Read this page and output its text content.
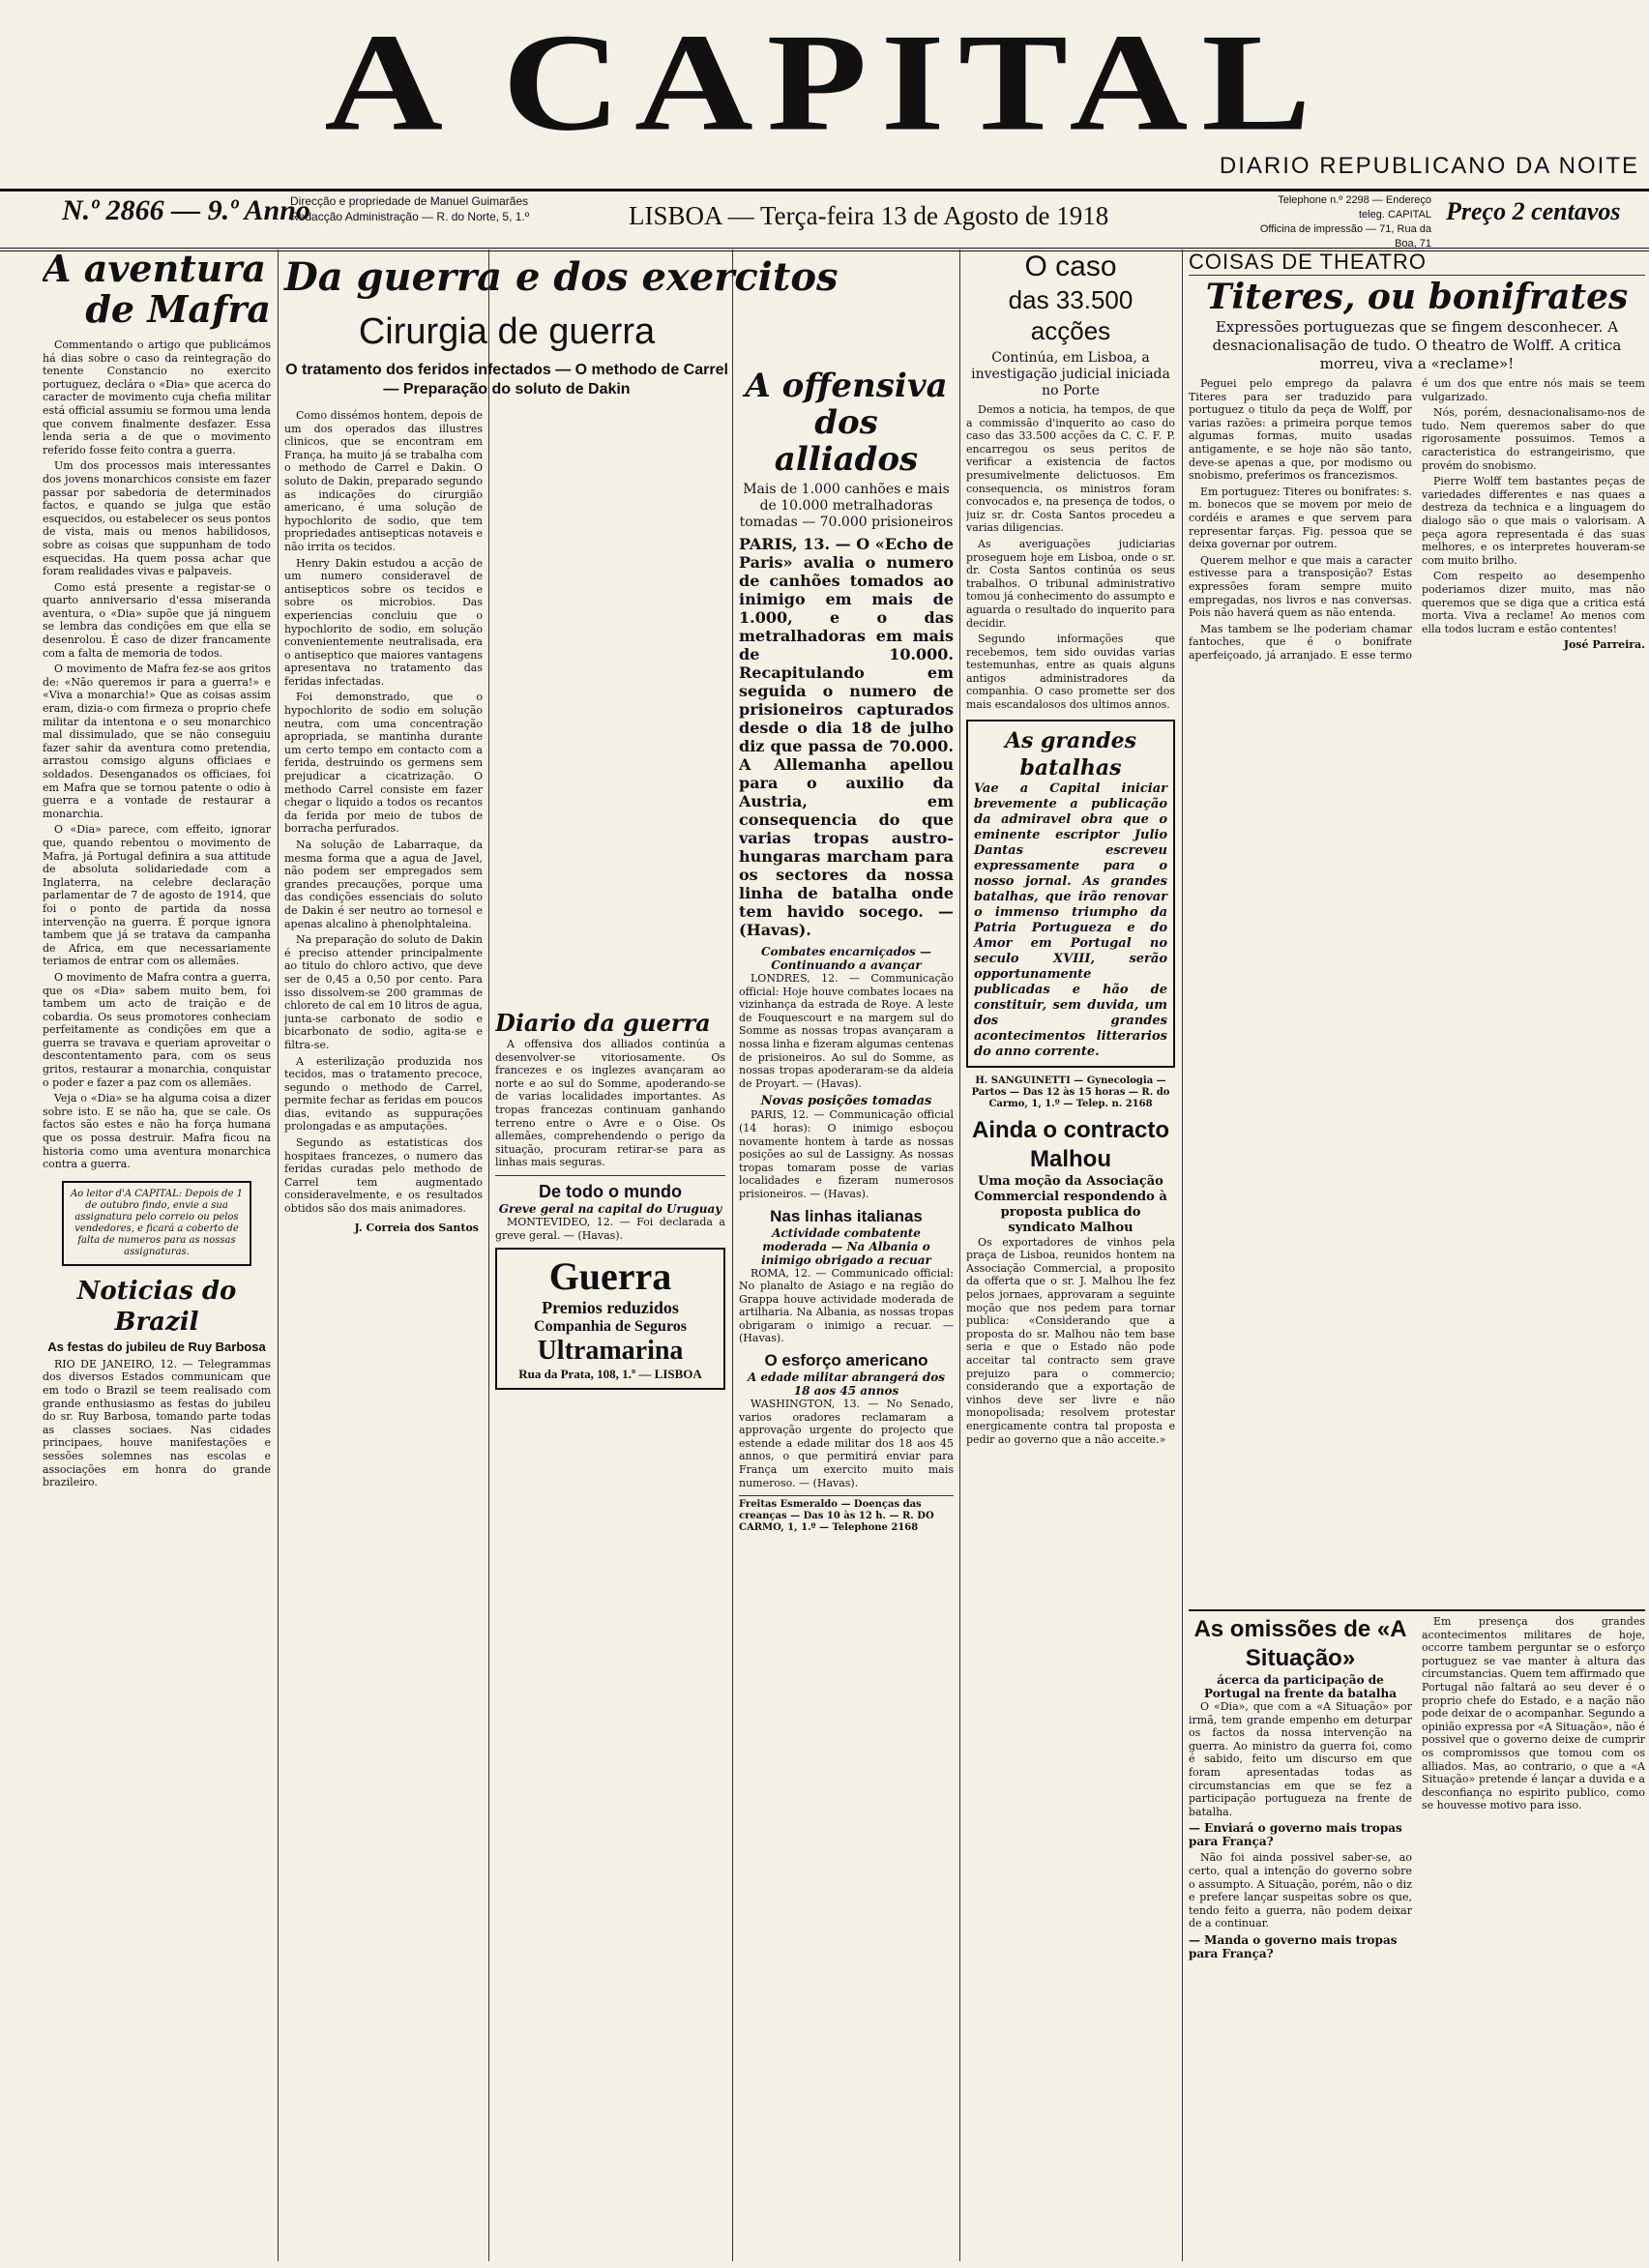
A CAPITAL
DIARIO REPUBLICANO DA NOITE
N.º 2866 — 9.º Anno
Direcção e propriedade de Manuel Guimarães
Redacção Administração — R. do Norte, 5, 1.º	LISBOA — Terça-feira 13 de Agosto de 1918
Telephone n.º 2298 — Endereço teleg. CAPITAL
Officina de impressão — 71, Rua da Boa, 71
Preço 2 centavos
A aventura
de Mafra

Commentando o artigo que publicámos há dias sobre o caso da reintegração do tenente Constancio no exercito portuguez, declára o «Dia» que acerca do caracter de movimento cuja chefia militar está official assumiu se formou uma lenda que convem finalmente desfazer. Essa lenda seria a de que o movimento referido fosse feito contra a guerra.

Um dos processos mais interessantes dos jovens monarchicos consiste em fazer passar por sabedoria de determinados factos, e quando se julga que estão esquecidos, ou estabelecer os seus pontos de vista, mais ou menos habilidosos, sobre as coisas que suppunham de todo esquecidas. Ha quem possa achar que foram realidades vivas e palpaveis.

Como está presente a registar-se o quarto anniversario d'essa miseranda aventura, o «Dia» supõe que já ninguem se lembra das condições em que ella se desenrolou. É caso de dizer francamente com a falta de memoria de todos.

O movimento de Mafra fez-se aos gritos de: «Não queremos ir para a guerra!» e «Viva a monarchia!» Que as coisas assim eram, dizia-o com firmeza o proprio chefe militar da intentona e o seu monarchico mal dissimulado, que se não conseguiu fazer sahir da aventura como pretendia, arrastou comsigo alguns officiaes e soldados. Desenganados os officiaes, foi em Mafra que se tornou patente o odio à guerra e a vontade de restaurar a monarchia.

O «Dia» parece, com effeito, ignorar que, quando rebentou o movimento de Mafra, já Portugal definira a sua attitude de absoluta solidariedade com a Inglaterra, na celebre declaração parlamentar de 7 de agosto de 1914, que foi o ponto de partida da nossa intervenção na guerra. É porque ignora tambem que já se tratava da campanha de Africa, em que necessariamente teriamos de entrar com os allemães.

O movimento de Mafra contra a guerra, que os «Dia» sabem muito bem, foi tambem um acto de traição e de cobardia. Os seus promotores conheciam perfeitamente as condições em que a guerra se travava e queriam aproveitar o descontentamento para, com os seus gritos, restaurar a monarchia, conquistar o poder e fazer a paz com os allemães.

Veja o «Dia» se ha alguma coisa a dizer sobre isto. E se não ha, que se cale. Os factos são estes e não ha força humana que os possa destruir. Mafra ficou na historia como uma aventura monarchica contra a guerra.

Ao leitor d'A CAPITAL: Depois de 1 de outubro findo, envie a sua assignatura pelo correio ou pelos vendedores, e ficará a coberto de falta de numeros para as nossas assignaturas.
Noticias do Brazil
As festas do jubileu de Ruy Barbosa

RIO DE JANEIRO, 12. — Telegrammas dos diversos Estados communicam que em todo o Brazil se teem realisado com grande enthusiasmo as festas do jubileu do sr. Ruy Barbosa, tomando parte todas as classes sociaes. Nas cidades principaes, houve manifestações e sessões solemnes nas escolas e associações em honra do grande brazileiro.

Da guerra e dos exercitos
Cirurgia de guerra
O tratamento dos feridos infectados — O methodo de Carrel — Preparação do soluto de Dakin

Como dissémos hontem, depois de um dos operados das illustres clinicos, que se encontram em França, ha muito já se trabalha com o methodo de Carrel e Dakin. O soluto de Dakin, preparado segundo as indicações do cirurgião americano, é uma solução de hypochlorito de sodio, que tem propriedades antisepticas notaveis e não irrita os tecidos.

Henry Dakin estudou a acção de um numero consideravel de antisepticos sobre os tecidos e sobre os microbios. Das experiencias concluiu que o hypochlorito de sodio, em solução convenientemente neutralisada, era o antiseptico que maiores vantagens apresentava no tratamento das feridas infectadas.

Foi demonstrado, que o hypochlorito de sodio em solução neutra, com uma concentração apropriada, se mantinha durante um certo tempo em contacto com a ferida, destruindo os germens sem prejudicar a cicatrização. O methodo Carrel consiste em fazer chegar o liquido a todos os recantos da ferida por meio de tubos de borracha perfurados.

Na solução de Labarraque, da mesma forma que a agua de Javel, não podem ser empregados sem grandes precauções, porque uma das condições essenciais do soluto de Dakin é ser neutro ao tornesol e apenas alcalino à phenolphtaleina.

Na preparação do soluto de Dakin é preciso attender principalmente ao titulo do chloro activo, que deve ser de 0,45 a 0,50 por cento. Para isso dissolvem-se 200 grammas de chloreto de cal em 10 litros de agua, junta-se carbonato de sodio e bicarbonato de sodio, agita-se e filtra-se.

A esterilização produzida nos tecidos, mas o tratamento precoce, segundo o methodo de Carrel, permite fechar as feridas em poucos dias, evitando as suppurações prolongadas e as amputações.

Segundo as estatisticas dos hospitaes francezes, o numero das feridas curadas pelo methodo de Carrel tem augmentado consideravelmente, e os resultados obtidos são dos mais animadores.

J. Correia dos Santos
Diario da guerra

A offensiva dos alliados continúa a desenvolver-se vitoriosamente. Os francezes e os inglezes avançaram ao norte e ao sul do Somme, apoderando-se de varias localidades importantes. As tropas francezas continuam ganhando terreno entre o Avre e o Oise. Os allemães, comprehendendo o perigo da situação, procuram retirar-se para as linhas mais seguras.

De todo o mundo
Greve geral na capital do Uruguay

MONTEVIDEO, 12. — Foi declarada a greve geral. — (Havas).

Guerra
Premios reduzidos
Companhia de Seguros
Ultramarina
Rua da Prata, 108, 1.º — LISBOA
A offensiva dos alliados
Mais de 1.000 canhões e mais de 10.000 metralhadoras tomadas — 70.000 prisioneiros
PARIS, 13. — O «Echo de Paris» avalia o numero de canhões tomados ao inimigo em mais de 1.000, e o das metralhadoras em mais de 10.000. Recapitulando em seguida o numero de prisioneiros capturados desde o dia 18 de julho diz que passa de 70.000. A Allemanha apellou para o auxilio da Austria, em consequencia do que varias tropas austro-hungaras marcham para os sectores da nossa linha de batalha onde tem havido socego. — (Havas).
Combates encarniçados — Continuando a avançar

LONDRES, 12. — Communicação official: Hoje houve combates locaes na vizinhança da estrada de Roye. A leste de Fouquescourt e na margem sul do Somme as nossas tropas avançaram a nossa linha e fizeram algumas centenas de prisioneiros. Ao sul do Somme, as nossas tropas apoderaram-se da aldeia de Proyart. — (Havas).

Novas posições tomadas

PARIS, 12. — Communicação official (14 horas): O inimigo esboçou novamente hontem à tarde as nossas posições ao sul de Lassigny. As nossas tropas tomaram posse de varias localidades e fizeram numerosos prisioneiros. — (Havas).

Nas linhas italianas
Actividade combatente moderada — Na Albania o inimigo obrigado a recuar

ROMA, 12. — Communicado official: No planalto de Asiago e na região do Grappa houve actividade moderada de artilharia. Na Albania, as nossas tropas obrigaram o inimigo a recuar. — (Havas).

O esforço americano
A edade militar abrangerá dos 18 aos 45 annos

WASHINGTON, 13. — No Senado, varios oradores reclamaram a approvação urgente do projecto que estende a edade militar dos 18 aos 45 annos, o que permitirá enviar para França um exercito muito mais numeroso. — (Havas).

Freitas Esmeraldo — Doenças das creanças — Das 10 às 12 h. — R. DO CARMO, 1, 1.º — Telephone 2168
O caso
das 33.500 acções
Continúa, em Lisboa, a investigação judicial iniciada no Porte

Demos a noticia, ha tempos, de que a commissão d'inquerito ao caso do caso das 33.500 acções da C. C. F. P. encarregou os seus peritos de verificar a existencia de factos presumivelmente delictuosos. Em consequencia, os ministros foram convocados e, na presença de todos, o juiz sr. dr. Costa Santos procedeu a varias diligencias.

As averiguações judiciarias proseguem hoje em Lisboa, onde o sr. dr. Costa Santos continúa os seus trabalhos. O tribunal administrativo tomou já conhecimento do assumpto e aguarda o resultado do inquerito para decidir.

Segundo informações que recebemos, tem sido ouvidas varias testemunhas, entre as quais alguns antigos administradores da companhia. O caso promette ser dos mais escandalosos dos ultimos annos.

As grandes batalhas
Vae a Capital iniciar brevemente a publicação da admiravel obra que o eminente escriptor Julio Dantas escreveu expressamente para o nosso jornal. As grandes batalhas, que irão renovar o immenso triumpho da Patria Portugueza e do Amor em Portugal no seculo XVIII, serão opportunamente publicadas e hão de constituir, sem duvida, um dos grandes acontecimentos litterarios do anno corrente.
H. SANGUINETTI — Gynecologia — Partos — Das 12 às 15 horas — R. do Carmo, 1, 1.º — Telep. n. 2168
Ainda o contracto Malhou
Uma moção da Associação Commercial respondendo à proposta publica do syndicato Malhou

Os exportadores de vinhos pela praça de Lisboa, reunidos hontem na Associação Commercial, a proposito da offerta que o sr. J. Malhou lhe fez pelos jornaes, approvaram a seguinte moção que nos pedem para tornar publica: «Considerando que a proposta do sr. Malhou não tem base seria e que o Estado não pode acceitar tal contracto sem grave prejuizo para o commercio; considerando que a exportação de vinhos deve ser livre e não monopolisada; resolvem protestar energicamente contra tal proposta e pedir ao governo que a não acceite.»

COISAS DE THEATRO
Titeres, ou bonifrates
Expressões portuguezas que se fingem desconhecer. A desnacionalisação de tudo. O theatro de Wolff. A critica morreu, viva a «reclame»!

Peguei pelo emprego da palavra Titeres para ser traduzido para portuguez o titulo da peça de Wolff, por varias razões: a primeira porque temos algumas formas, muito usadas antigamente, e se hoje não são tanto, deve-se apenas a que, por modismo ou snobismo, preferimos os francezismos.

Em portuguez: Titeres ou bonifrates: s. m. bonecos que se movem por meio de cordéis e arames e que servem para representar farças. Fig. pessoa que se deixa governar por outrem.

Querem melhor e que mais a caracter estivesse para a transposição? Estas expressões foram sempre muito empregadas, nos livros e nas conversas. Pois não haverá quem as não entenda.

Mas tambem se lhe poderiam chamar fantoches, que é o bonifrate aperfeiçoado, já arranjado. E esse termo é um dos que entre nós mais se teem vulgarizado.

Nós, porém, desnacionalisamo-nos de tudo. Nem queremos saber do que rigorosamente possuimos. Temos a caracteristica do estrangeirismo, que provém do snobismo.

Pierre Wolff tem bastantes peças de variedades differentes e nas quaes a destreza da technica e a linguagem do dialogo são o que mais o valorisam. A peça agora representada é das suas melhores, e os interpretes houveram-se com muito brilho.

Com respeito ao desempenho poderiamos dizer muito, mas não queremos que se diga que a critica está morta. Viva a reclame! Ao menos com ella todos lucram e estão contentes!

José Parreira.
As omissões de «A Situação»
ácerca da participação de Portugal na frente da batalha

O «Dia», que com a «A Situação» por irmã, tem grande empenho em deturpar os factos da nossa intervenção na guerra. Ao ministro da guerra foi, como é sabido, feito um discurso em que foram apresentadas todas as circumstancias em que se fez a participação portugueza na frente de batalha.

— Enviará o governo mais tropas para França?

Não foi ainda possivel saber-se, ao certo, qual a intenção do governo sobre o assumpto. A Situação, porém, não o diz e prefere lançar suspeitas sobre os que, tendo feito a guerra, não podem deixar de a continuar.

— Manda o governo mais tropas para França?

Em presença dos grandes acontecimentos militares de hoje, occorre tambem perguntar se o esforço portuguez se vae manter à altura das circumstancias. Quem tem affirmado que Portugal não faltará ao seu dever é o proprio chefe do Estado, e a nação não pode deixar de o acompanhar. Segundo a opinião expressa por «A Situação», não é possivel que o governo deixe de cumprir os compromissos que tomou com os alliados. Mas, ao contrario, o que a «A Situação» pretende é lançar a duvida e a desconfiança no espirito publico, como se houvesse motivo para isso.
